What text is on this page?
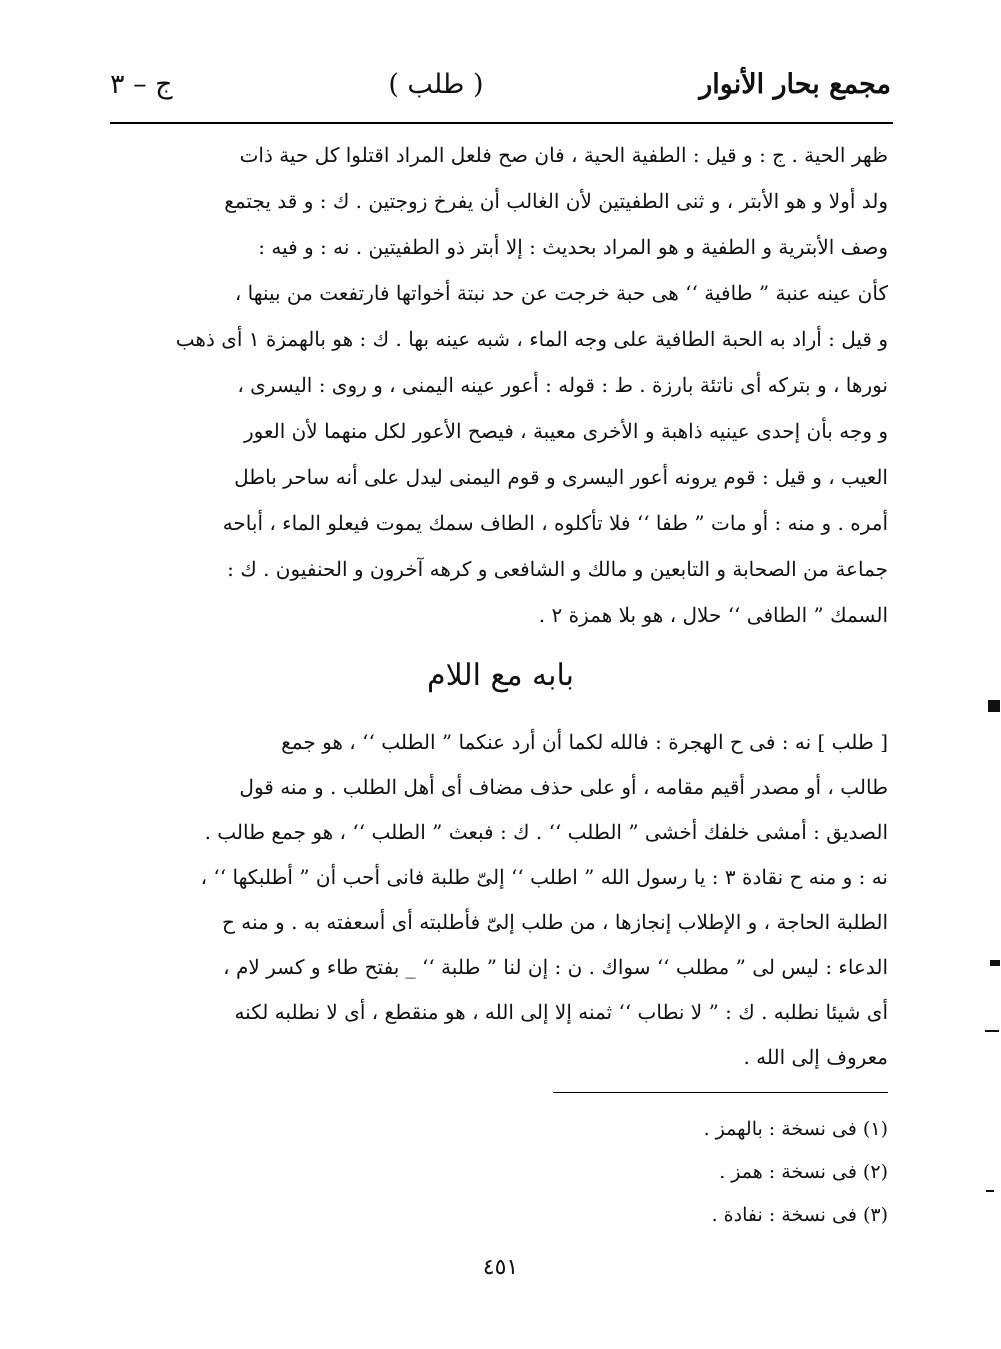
مجمع بحار الأنوار
( طلب )
ج – ٣
ظهر الحية . ج : و قيل : الطفية الحية ، فان صح فلعل المراد اقتلوا كل حية ذات
ولد أولا و هو الأبتر ، و ثنى الطفيتين لأن الغالب أن يفرخ زوجتين . ك : و قد يجتمع
وصف الأبترية و الطفية و هو المراد بحديث : إلا أبتر ذو الطفيتين . نه : و فيه :
كأن عينه عنبة ” طافية ‘‘ هى حبة خرجت عن حد نبتة أخواتها فارتفعت من بينها ،
و قيل : أراد به الحبة الطافية على وجه الماء ، شبه عينه بها . ك : هو بالهمزة ١ أى ذهب
نورها ، و بتركه أى ناتئة بارزة . ط : قوله : أعور عينه اليمنى ، و روى : اليسرى ،
و وجه بأن إحدى عينيه ذاهبة و الأخرى معيبة ، فيصح الأعور لكل منهما لأن العور
العيب ، و قيل : قوم يرونه أعور اليسرى و قوم اليمنى ليدل على أنه ساحر باطل
أمره . و منه : أو مات ” طفا ‘‘ فلا تأكلوه ، الطاف سمك يموت فيعلو الماء ، أباحه
جماعة من الصحابة و التابعين و مالك و الشافعى و كرهه آخرون و الحنفيون . ك :
السمك ” الطافى ‘‘ حلال ، هو بلا همزة ٢ .
بابه مع اللام
[ طلب ] نه : فى ح الهجرة : فالله لكما أن أرد عنكما ” الطلب ‘‘ ، هو جمع
طالب ، أو مصدر أقيم مقامه ، أو على حذف مضاف أى أهل الطلب . و منه قول
الصديق : أمشى خلفك أخشى ” الطلب ‘‘ . ك : فبعث ” الطلب ‘‘ ، هو جمع طالب .
نه : و منه ح نقادة ٣ : يا رسول الله ” اطلب ‘‘ إلىّ طلبة فانى أحب أن ” أطلبكها ‘‘ ،
الطلبة الحاجة ، و الإطلاب إنجازها ، من طلب إلىّ فأطلبته أى أسعفته به . و منه ح
الدعاء : ليس لى ” مطلب ‘‘ سواك . ن : إن لنا ” طلبة ‘‘ _ بفتح طاء و كسر لام ،
أى شيئا نطلبه . ك : ” لا نطاب ‘‘ ثمنه إلا إلى الله ، هو منقطع ، أى لا نطلبه لكنه
معروف إلى الله .
(١) فى نسخة : بالهمز .
(٢) فى نسخة : همز .
(٣) فى نسخة : نفادة .
٤٥١
